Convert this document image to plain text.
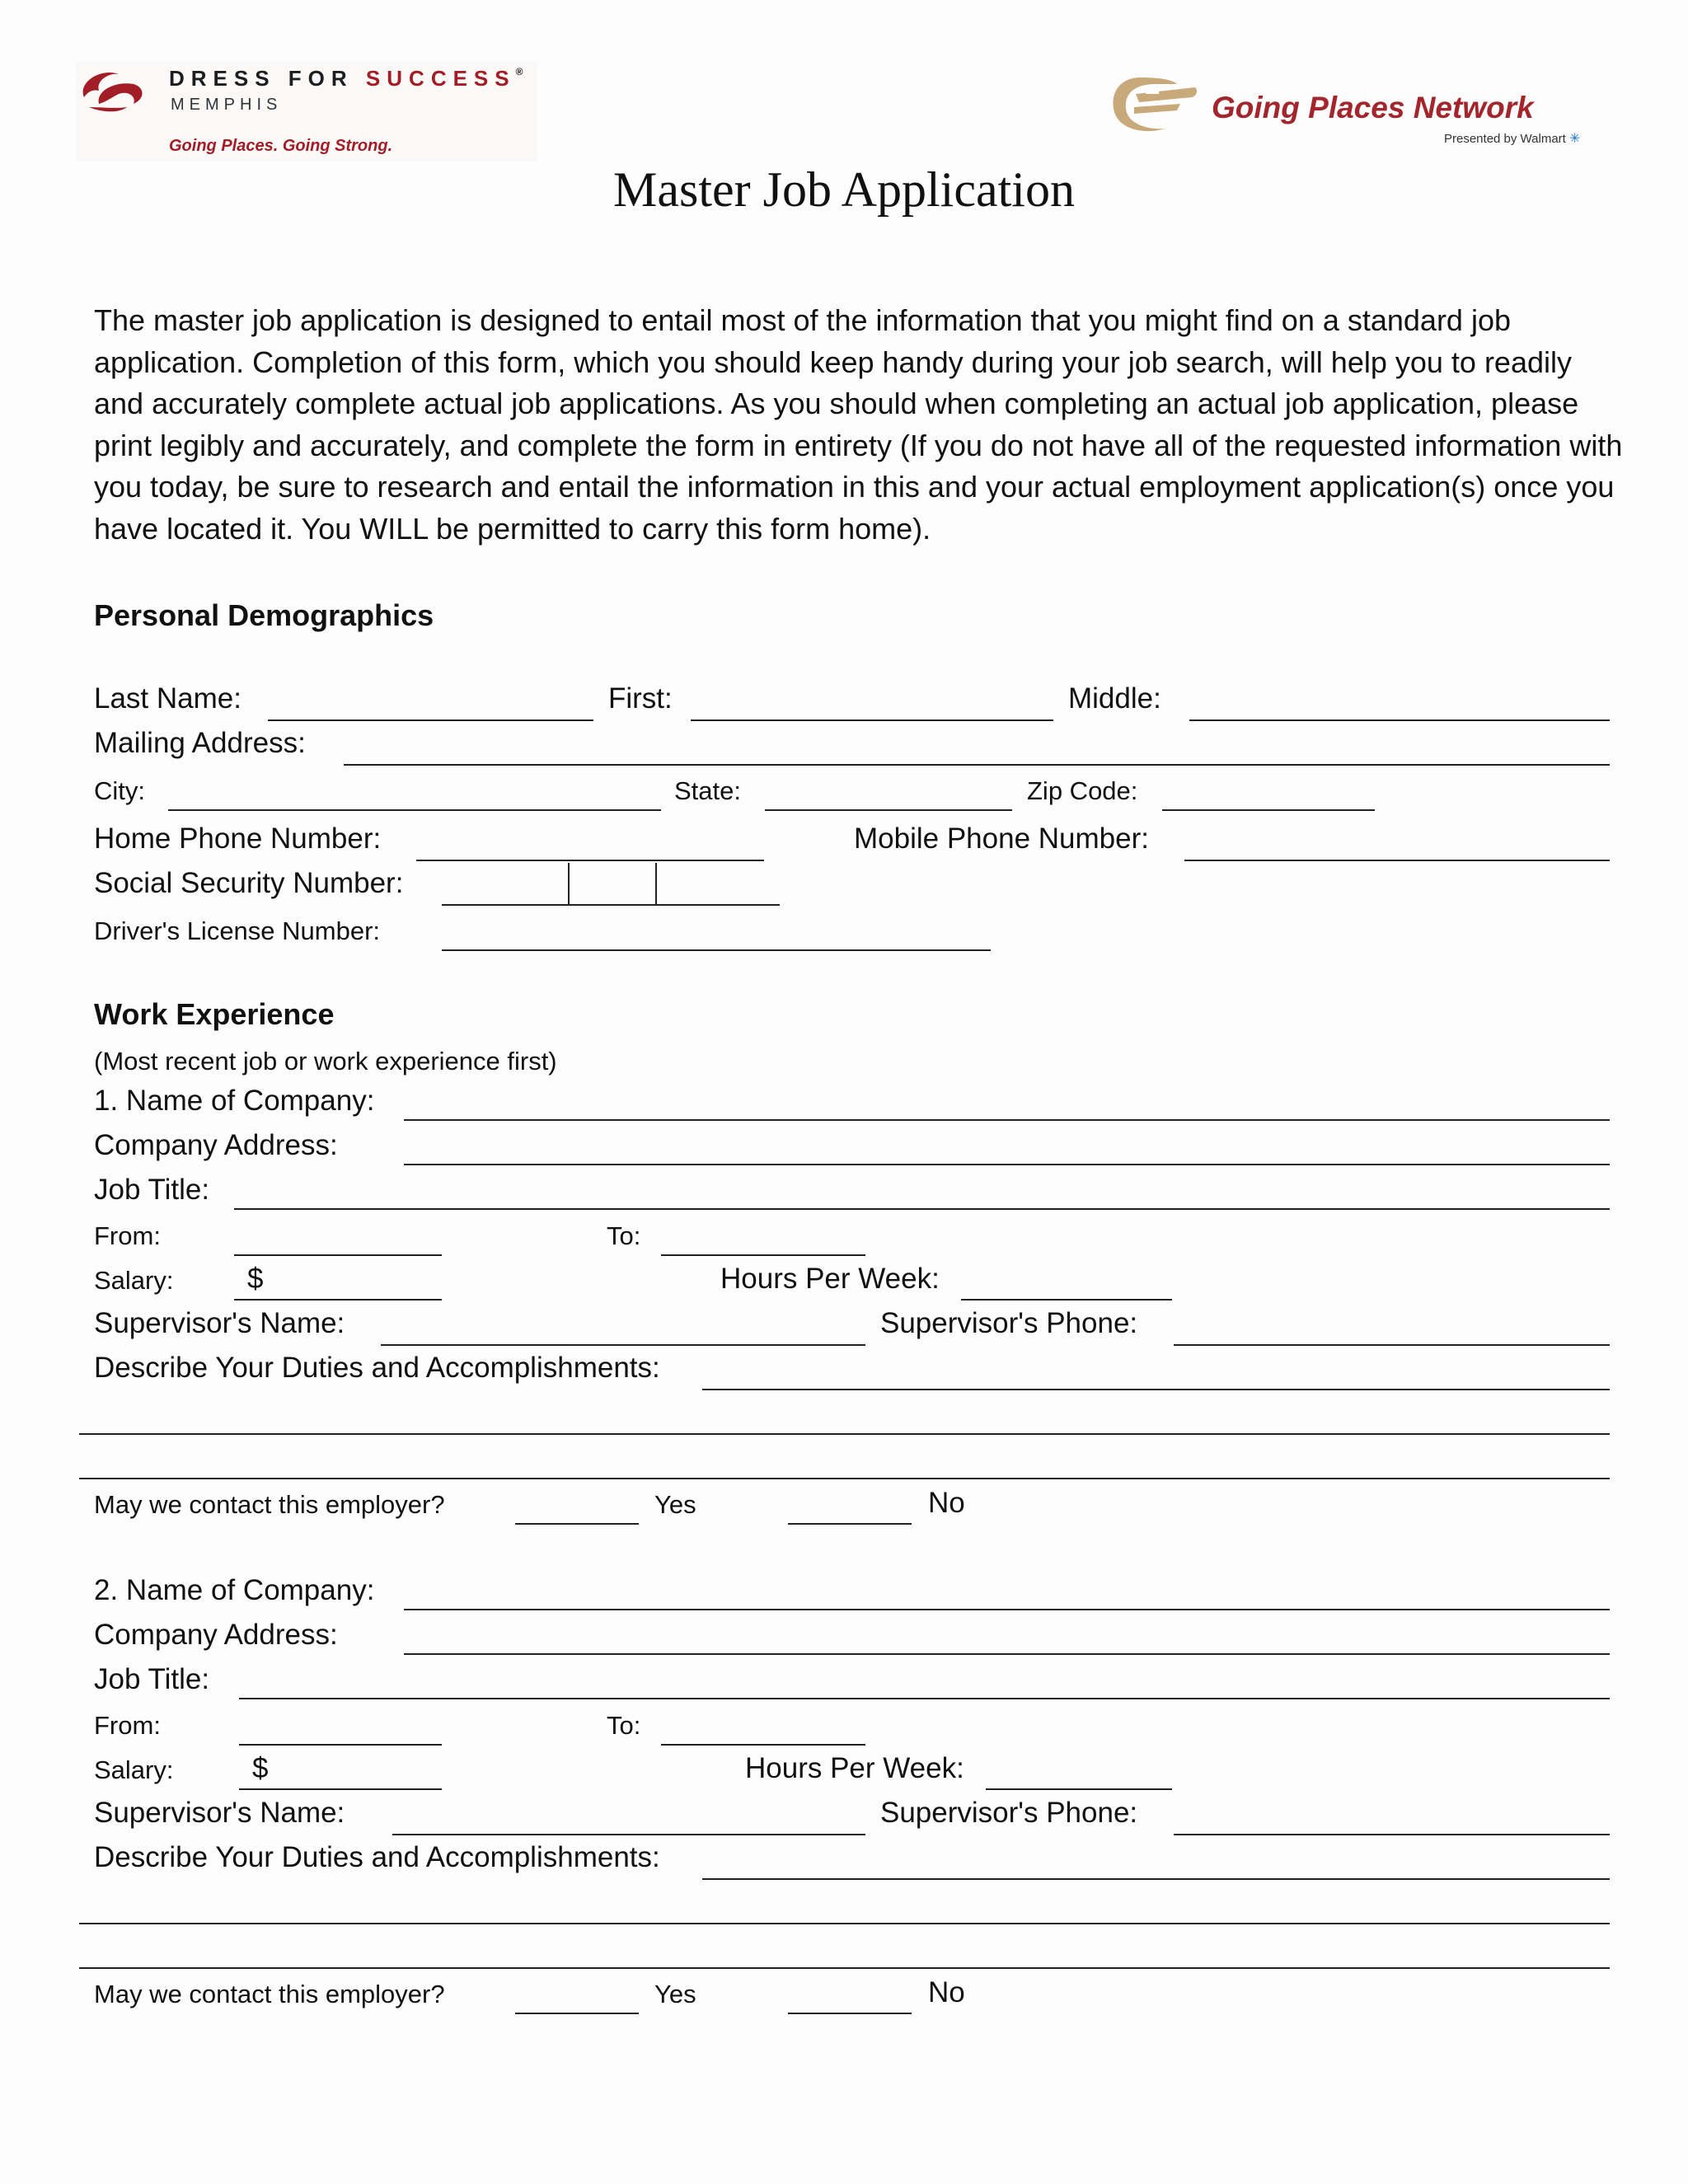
DRESS FOR SUCCESS®
MEMPHIS
Going Places. Going Strong.
Going Places Network
Presented by Walmart ✳
Master Job Application

The master job application is designed to entail most of the information that you might find on a standard job application. Completion of this form, which you should keep handy during your job search, will help you to readily and accurately complete actual job applications. As you should when completing an actual job application, please print legibly and accurately, and complete the form in entirety (If you do not have all of the requested information with you today, be sure to research and entail the information in this and your actual employment application(s) once you have located it. You WILL be permitted to carry this form home).

Personal Demographics
Last Name:	First:	Middle:
Mailing Address:
City:	State:	Zip Code:
Home Phone Number:	Mobile Phone Number:
Social Security Number:
Driver's License Number:
Work Experience
(Most recent job or work experience first)
1. Name of Company:
Company Address:
Job Title:
From:	To:
Salary:	$	Hours Per Week:
Supervisor's Name:	Supervisor's Phone:
Describe Your Duties and Accomplishments:
May we contact this employer?	Yes	No
2. Name of Company:
Company Address:
Job Title:
From:	To:
Salary:	$	Hours Per Week:
Supervisor's Name:	Supervisor's Phone:
Describe Your Duties and Accomplishments:
May we contact this employer?	Yes	No
